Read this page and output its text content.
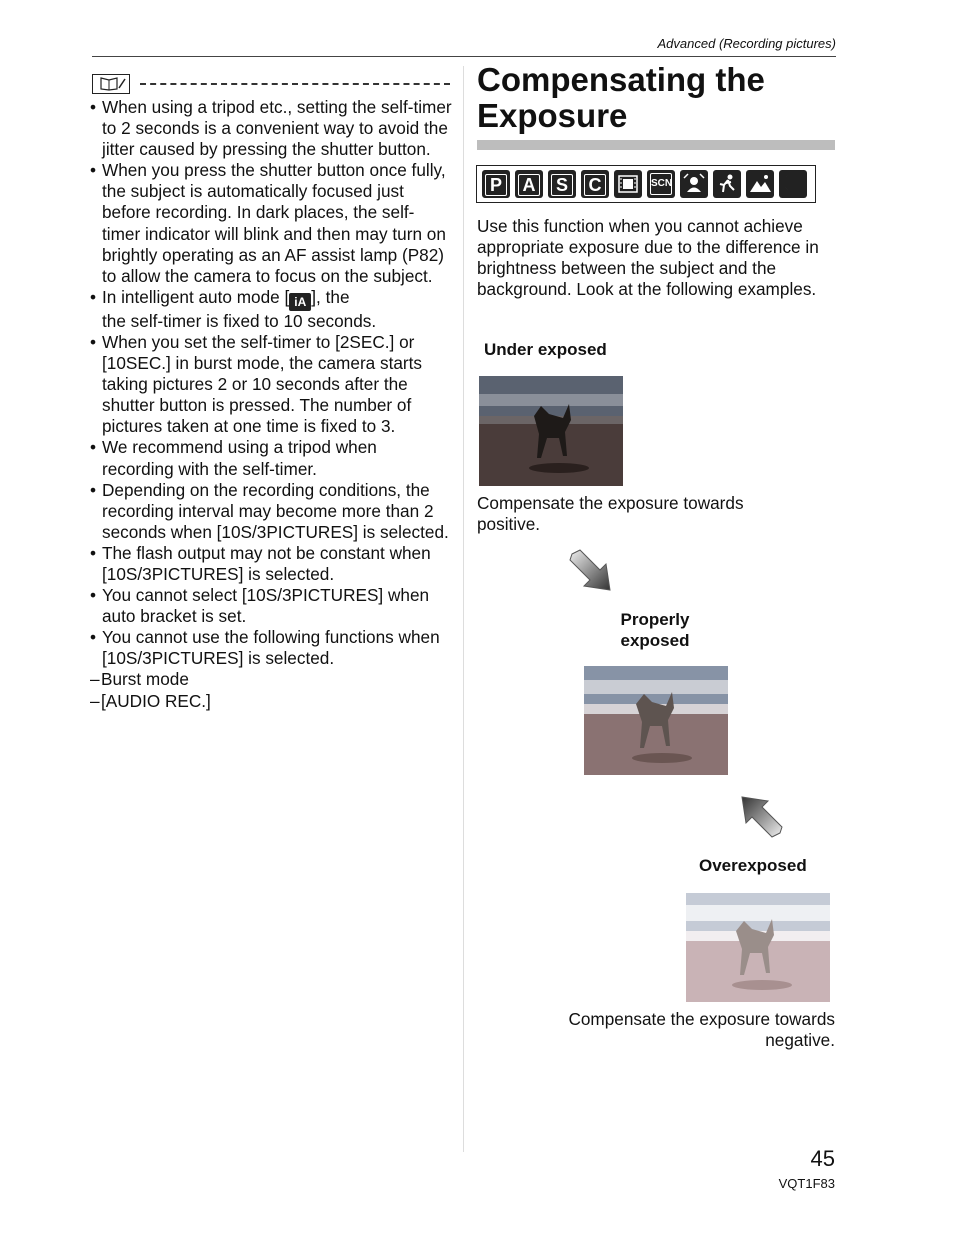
Advanced (Recording pictures)
• When using a tripod etc., setting the self-timer to 2 seconds is a convenient way to avoid the jitter caused by pressing the shutter button.
• When you press the shutter button once fully, the subject is automatically focused just before recording. In dark places, the self-timer indicator will blink and then may turn on brightly operating as an AF assist lamp (P82) to allow the camera to focus on the subject.
• In intelligent auto mode [ iA ], the
the self-timer is fixed to 10 seconds.
• When you set the self-timer to [2SEC.] or [10SEC.] in burst mode, the camera starts taking pictures 2 or 10 seconds after the shutter button is pressed. The number of pictures taken at one time is fixed to 3.
• We recommend using a tripod when recording with the self-timer.
• Depending on the recording conditions, the recording interval may become more than 2 seconds when [10S/3PICTURES] is selected.
• The flash output may not be constant when [10S/3PICTURES] is selected.
• You cannot select [10S/3PICTURES] when auto bracket is set.
• You cannot use the following functions when [10S/3PICTURES] is selected.
– Burst mode
– [AUDIO REC.]
Compensating the Exposure
P	A	S	C	SCN
Use this function when you cannot achieve appropriate exposure due to the difference in brightness between the subject and the background. Look at the following examples.
Under exposed
Compensate the exposure towards positive.
Properly
exposed
Overexposed
Compensate the exposure towards
negative.
45
VQT1F83
